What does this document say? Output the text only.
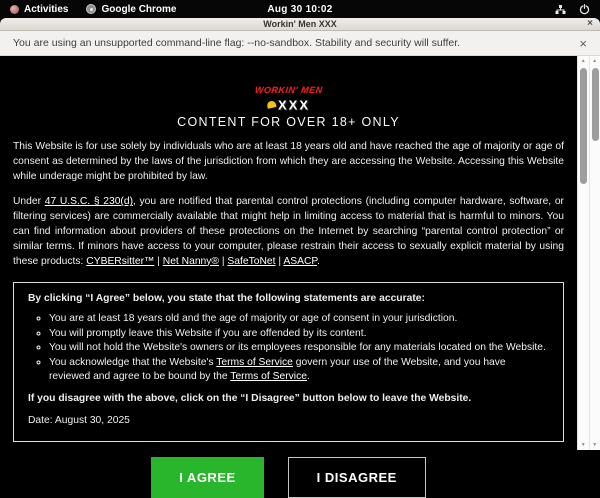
Activities	Google Chrome	Aug 30 10:02
Workin' Men XXX	×
You are using an unsupported command-line flag: --no-sandbox. Stability and security will suffer.	×
WORKIN' MEN
XXX
CONTENT FOR OVER 18+ ONLY

This Website is for use solely by individuals who are at least 18 years old and have reached the age of majority or age of consent as determined by the laws of the jurisdiction from which they are accessing the Website. Accessing this Website while underage might be prohibited by law.

Under 47 U.S.C. § 230(d), you are notified that parental control protections (including computer hardware, software, or filtering services) are commercially available that might help in limiting access to material that is harmful to minors. You can find information about providers of these protections on the Internet by searching “parental control protection” or similar terms. If minors have access to your computer, please restrain their access to sexually explicit material by using these products: CYBERsitter™ | Net Nanny® | SafeToNet | ASACP.

By clicking “I Agree” below, you state that the following statements are accurate:
◦ You are at least 18 years old and the age of majority or age of consent in your jurisdiction.
◦ You will promptly leave this Website if you are offended by its content.
◦ You will not hold the Website's owners or its employees responsible for any materials located on the Website.
◦ You acknowledge that the Website's Terms of Service govern your use of the Website, and you have reviewed and agree to be bound by the Terms of Service.
If you disagree with the above, click on the “I Disagree” button below to leave the Website.
Date: August 30, 2025
I AGREE	I DISAGREE
▲
▼
▲
▼
